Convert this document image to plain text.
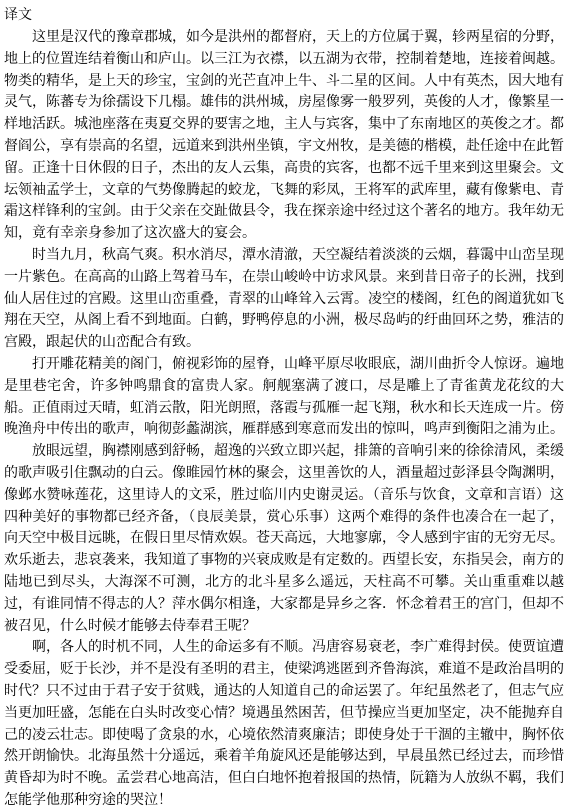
译文

这里是汉代的豫章郡城，如今是洪州的都督府，天上的方位属于翼，轸两星宿的分野，地上的位置连结着衡山和庐山。以三江为衣襟，以五湖为衣带，控制着楚地，连接着闽越。物类的精华，是上天的珍宝，宝剑的光芒直冲上牛、斗二星的区间。人中有英杰，因大地有灵气，陈蕃专为徐孺设下几榻。雄伟的洪州城，房屋像雾一般罗列，英俊的人才，像繁星一样地活跃。城池座落在夷夏交界的要害之地，主人与宾客，集中了东南地区的英俊之才。都督阎公，享有崇高的名望，远道来到洪州坐镇，宇文州牧，是美德的楷模，赴任途中在此暂留。正逢十日休假的日子，杰出的友人云集，高贵的宾客，也都不远千里来到这里聚会。文坛领袖孟学士，文章的气势像腾起的蛟龙，飞舞的彩凤，王将军的武库里，藏有像紫电、青霜这样锋利的宝剑。由于父亲在交趾做县令，我在探亲途中经过这个著名的地方。我年幼无知，竟有幸亲身参加了这次盛大的宴会。

时当九月，秋高气爽。积水消尽，潭水清澈，天空凝结着淡淡的云烟，暮霭中山峦呈现一片紫色。在高高的山路上驾着马车，在崇山峻岭中访求风景。来到昔日帝子的长洲，找到仙人居住过的宫殿。这里山峦重叠，青翠的山峰耸入云霄。凌空的楼阁，红色的阁道犹如飞翔在天空，从阁上看不到地面。白鹤，野鸭停息的小洲，极尽岛屿的纡曲回环之势，雅洁的宫殿，跟起伏的山峦配合有致。

打开雕花精美的阁门，俯视彩饰的屋脊，山峰平原尽收眼底，湖川曲折令人惊讶。遍地是里巷宅舍，许多钟鸣鼎食的富贵人家。舸舰塞满了渡口，尽是雕上了青雀黄龙花纹的大船。正值雨过天晴，虹消云散，阳光朗照，落霞与孤雁一起飞翔，秋水和长天连成一片。傍晚渔舟中传出的歌声，响彻彭蠡湖滨，雁群感到寒意而发出的惊叫，鸣声到衡阳之浦为止。

放眼远望，胸襟刚感到舒畅，超逸的兴致立即兴起，排箫的音响引来的徐徐清风，柔缓的歌声吸引住飘动的白云。像睢园竹林的聚会，这里善饮的人，酒量超过彭泽县令陶渊明，像邺水赞咏莲花，这里诗人的文采，胜过临川内史谢灵运。（音乐与饮食，文章和言语）这四种美好的事物都已经齐备，（良辰美景，赏心乐事）这两个难得的条件也凑合在一起了，向天空中极目远眺，在假日里尽情欢娱。苍天高远，大地寥廓，令人感到宇宙的无穷无尽。欢乐逝去，悲哀袭来，我知道了事物的兴衰成败是有定数的。西望长安，东指吴会，南方的陆地已到尽头，大海深不可测，北方的北斗星多么遥远，天柱高不可攀。关山重重难以越过，有谁同情不得志的人？萍水偶尔相逢，大家都是异乡之客．怀念着君王的宫门，但却不被召见，什么时候才能够去侍奉君王呢？

啊，各人的时机不同，人生的命运多有不顺。冯唐容易衰老，李广难得封侯。使贾谊遭受委屈，贬于长沙，并不是没有圣明的君主，使梁鸿逃匿到齐鲁海滨，难道不是政治昌明的时代？只不过由于君子安于贫贱，通达的人知道自己的命运罢了。年纪虽然老了，但志气应当更加旺盛，怎能在白头时改变心情？境遇虽然困苦，但节操应当更加坚定，决不能抛弃自己的凌云壮志。即使喝了贪泉的水，心境依然清爽廉洁；即使身处于干涸的主辙中，胸怀依然开朗愉快。北海虽然十分遥远，乘着羊角旋风还是能够达到，早晨虽然已经过去，而珍惜黄昏却为时不晚。孟尝君心地高洁，但白白地怀抱着报国的热情，阮籍为人放纵不羁，我们怎能学他那种穷途的哭泣！
